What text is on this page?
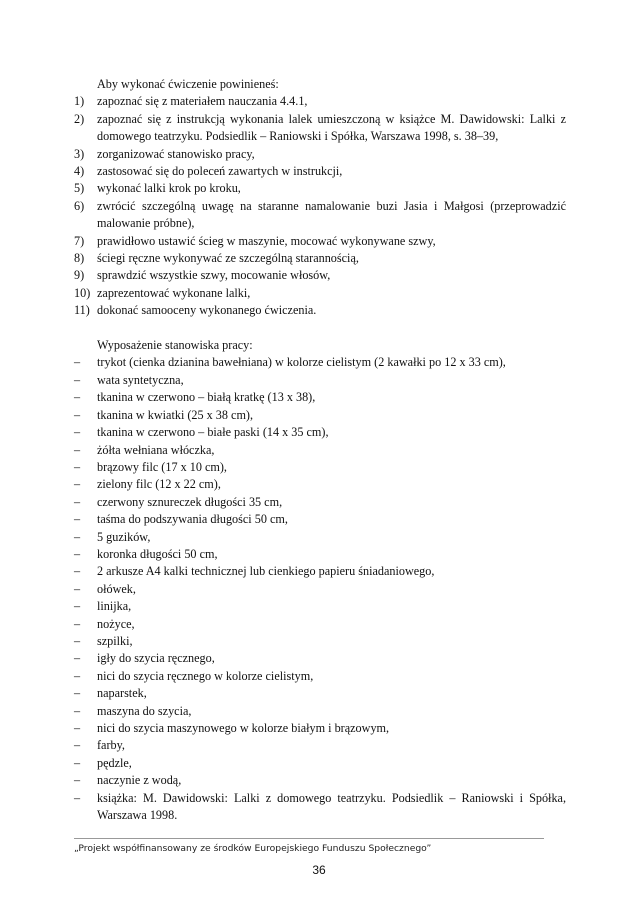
Aby wykonać ćwiczenie powinieneś:
1)	zapoznać się z materiałem nauczania 4.4.1,
2)	zapoznać się z instrukcją wykonania lalek umieszczoną w książce M. Dawidowski: Lalki z domowego teatrzyku. Podsiedlik – Raniowski i Spółka, Warszawa 1998, s. 38–39,
3)	zorganizować stanowisko pracy,
4)	zastosować się do poleceń zawartych w instrukcji,
5)	wykonać lalki krok po kroku,
6)	zwrócić szczególną uwagę na staranne namalowanie buzi Jasia i Małgosi (przeprowadzić malowanie próbne),
7)	prawidłowo ustawić ścieg w maszynie, mocować wykonywane szwy,
8)	ściegi ręczne wykonywać ze szczególną starannością,
9)	sprawdzić wszystkie szwy, mocowanie włosów,
10) zaprezentować wykonane lalki,
11) dokonać samooceny wykonanego ćwiczenia.
Wyposażenie stanowiska pracy:
–	trykot (cienka dzianina bawełniana) w kolorze cielistym (2 kawałki po 12 x 33 cm),
–	wata syntetyczna,
–	tkanina w czerwono – białą kratkę (13 x 38),
–	tkanina w kwiatki (25 x 38 cm),
–	tkanina w czerwono – białe paski (14 x 35 cm),
–	żółta wełniana włóczka,
–	brązowy filc (17 x 10 cm),
–	zielony filc (12 x 22 cm),
–	czerwony sznureczek długości 35 cm,
–	taśma do podszywania długości 50 cm,
–	5 guzików,
–	koronka długości 50 cm,
–	2 arkusze A4 kalki technicznej lub cienkiego papieru śniadaniowego,
–	ołówek,
–	linijka,
–	nożyce,
–	szpilki,
–	igły do szycia ręcznego,
–	nici do szycia ręcznego w kolorze cielistym,
–	naparstek,
–	maszyna do szycia,
–	nici do szycia maszynowego w kolorze białym i brązowym,
–	farby,
–	pędzle,
–	naczynie z wodą,
–	książka: M. Dawidowski: Lalki z domowego teatrzyku. Podsiedlik – Raniowski i Spółka, Warszawa 1998.
„Projekt współfinansowany ze środków Europejskiego Funduszu Społecznego”
36
